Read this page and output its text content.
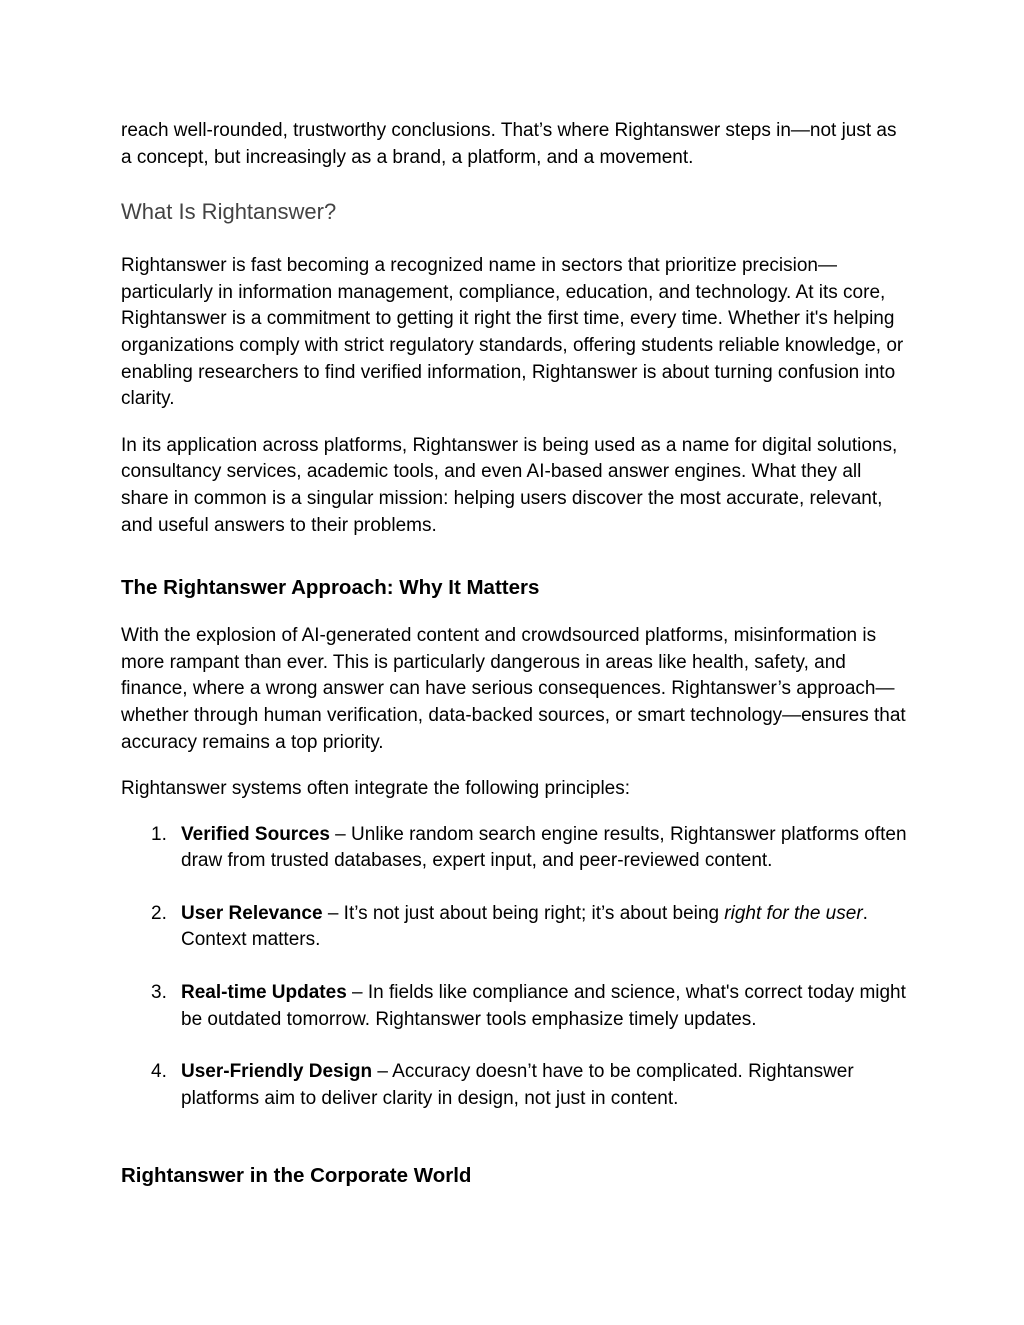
reach well-rounded, trustworthy conclusions. That’s where Rightanswer steps in—not just as a concept, but increasingly as a brand, a platform, and a movement.

What Is Rightanswer?

Rightanswer is fast becoming a recognized name in sectors that prioritize precision—particularly in information management, compliance, education, and technology. At its core, Rightanswer is a commitment to getting it right the first time, every time. Whether it's helping organizations comply with strict regulatory standards, offering students reliable knowledge, or enabling researchers to find verified information, Rightanswer is about turning confusion into clarity.

In its application across platforms, Rightanswer is being used as a name for digital solutions, consultancy services, academic tools, and even AI-based answer engines. What they all share in common is a singular mission: helping users discover the most accurate, relevant, and useful answers to their problems.

The Rightanswer Approach: Why It Matters

With the explosion of AI-generated content and crowdsourced platforms, misinformation is more rampant than ever. This is particularly dangerous in areas like health, safety, and finance, where a wrong answer can have serious consequences. Rightanswer’s approach—whether through human verification, data-backed sources, or smart technology—ensures that accuracy remains a top priority.

Rightanswer systems often integrate the following principles:

1. Verified Sources – Unlike random search engine results, Rightanswer platforms often draw from trusted databases, expert input, and peer-reviewed content.
2. User Relevance – It’s not just about being right; it’s about being right for the user. Context matters.
3. Real-time Updates – In fields like compliance and science, what's correct today might be outdated tomorrow. Rightanswer tools emphasize timely updates.
4. User-Friendly Design – Accuracy doesn’t have to be complicated. Rightanswer platforms aim to deliver clarity in design, not just in content.
Rightanswer in the Corporate World
